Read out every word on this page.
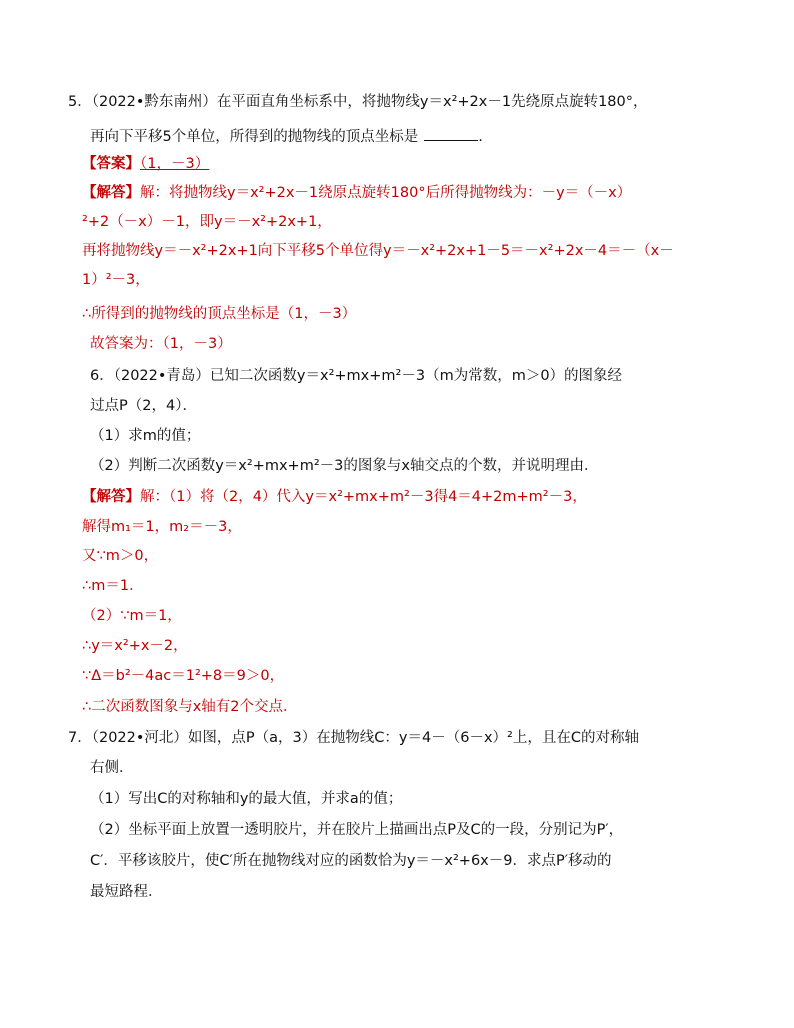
5．（2022•黔东南州）在平面直角坐标系中，将抛物线y＝x²+2x－1先绕原点旋转180°，
再向下平移5个单位，所得到的抛物线的顶点坐标是	.
【答案】（1，－3）
【解答】解：将抛物线y＝x²+2x－1绕原点旋转180°后所得抛物线为：－y＝（－x）
²+2（－x）－1，即y＝－x²+2x+1，
再将抛物线y＝－x²+2x+1向下平移5个单位得y＝－x²+2x+1－5＝－x²+2x－4＝－（x－
1）²－3，
∴所得到的抛物线的顶点坐标是（1，－3）
故答案为：（1，－3）
6．（2022•青岛）已知二次函数y＝x²+mx+m²－3（m为常数，m＞0）的图象经
过点P（2，4）．
（1）求m的值；
（2）判断二次函数y＝x²+mx+m²－3的图象与x轴交点的个数，并说明理由．
【解答】解：（1）将（2，4）代入y＝x²+mx+m²－3得4＝4+2m+m²－3，
解得m₁＝1，m₂＝－3，
又∵m＞0，
∴m＝1．
（2）∵m＝1，
∴y＝x²+x－2，
∵Δ＝b²－4ac＝1²+8＝9＞0，
∴二次函数图象与x轴有2个交点．
7．（2022•河北）如图，点P（a，3）在抛物线C：y＝4－（6－x）²上，且在C的对称轴
右侧．
（1）写出C的对称轴和y的最大值，并求a的值；
（2）坐标平面上放置一透明胶片，并在胶片上描画出点P及C的一段，分别记为P′，
C′．平移该胶片，使C′所在抛物线对应的函数恰为y＝－x²+6x－9．求点P′移动的
最短路程．
